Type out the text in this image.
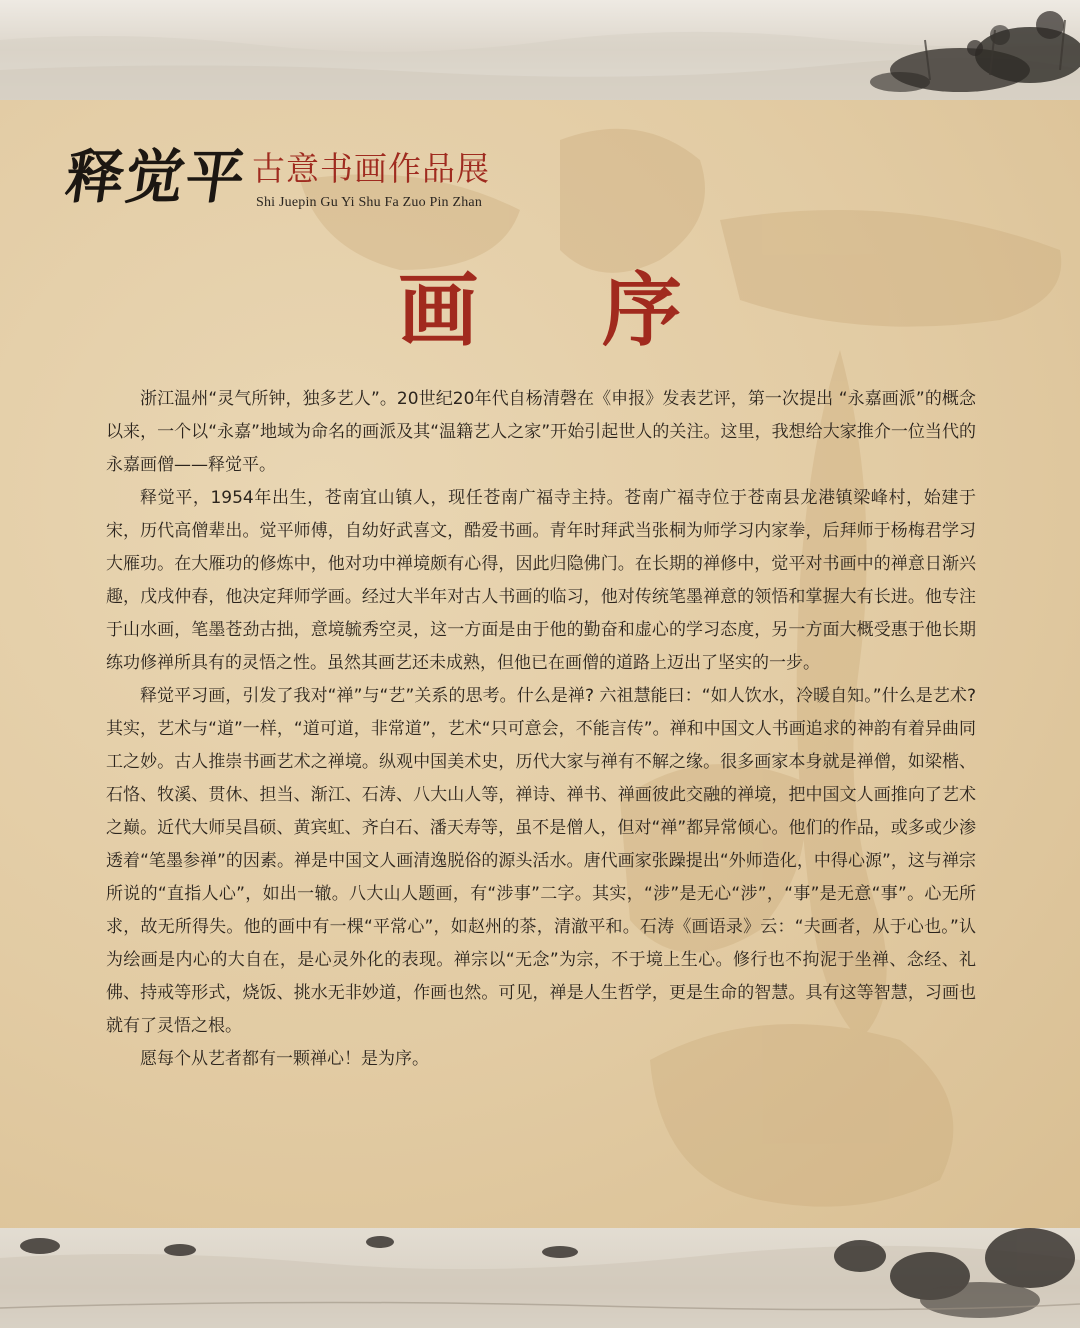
释觉平 古意书画作品展
Shi Juepin Gu Yi Shu Fa Zuo Pin Zhan
画 序

浙江温州“灵气所钟，独多艺人”。20世纪20年代自杨清磬在《申报》发表艺评，第一次提出 “永嘉画派”的概念以来，一个以“永嘉”地域为命名的画派及其“温籍艺人之家”开始引起世人的关注。这里，我想给大家推介一位当代的永嘉画僧——释觉平。

释觉平，1954年出生，苍南宜山镇人，现任苍南广福寺主持。苍南广福寺位于苍南县龙港镇梁峰村，始建于宋，历代高僧辈出。觉平师傅，自幼好武喜文，酷爱书画。青年时拜武当张桐为师学习内家拳，后拜师于杨梅君学习大雁功。在大雁功的修炼中，他对功中禅境颇有心得，因此归隐佛门。在长期的禅修中，觉平对书画中的禅意日渐兴趣，戊戌仲春，他决定拜师学画。经过大半年对古人书画的临习，他对传统笔墨禅意的领悟和掌握大有长进。他专注于山水画，笔墨苍劲古拙，意境毓秀空灵，这一方面是由于他的勤奋和虚心的学习态度，另一方面大概受惠于他长期练功修禅所具有的灵悟之性。虽然其画艺还未成熟，但他已在画僧的道路上迈出了坚实的一步。

释觉平习画，引发了我对“禅”与“艺”关系的思考。什么是禅? 六祖慧能曰：“如人饮水，冷暖自知。”什么是艺术? 其实，艺术与“道”一样，“道可道，非常道”，艺术“只可意会，不能言传”。禅和中国文人书画追求的神韵有着异曲同工之妙。古人推崇书画艺术之禅境。纵观中国美术史，历代大家与禅有不解之缘。很多画家本身就是禅僧，如梁楷、石恪、牧溪、贯休、担当、渐江、石涛、八大山人等，禅诗、禅书、禅画彼此交融的禅境，把中国文人画推向了艺术之巅。近代大师吴昌硕、黄宾虹、齐白石、潘天寿等，虽不是僧人，但对“禅”都异常倾心。他们的作品，或多或少渗透着“笔墨参禅”的因素。禅是中国文人画清逸脱俗的源头活水。唐代画家张躁提出“外师造化，中得心源”，这与禅宗所说的“直指人心”，如出一辙。八大山人题画，有“涉事”二字。其实，“涉”是无心“涉”，“事”是无意“事”。心无所求，故无所得失。他的画中有一棵“平常心”，如赵州的茶，清澈平和。石涛《画语录》云：“夫画者，从于心也。”认为绘画是内心的大自在，是心灵外化的表现。禅宗以“无念”为宗，不于境上生心。修行也不拘泥于坐禅、念经、礼佛、持戒等形式，烧饭、挑水无非妙道，作画也然。可见，禅是人生哲学，更是生命的智慧。具有这等智慧，习画也就有了灵悟之根。

愿每个从艺者都有一颗禅心！是为序。
